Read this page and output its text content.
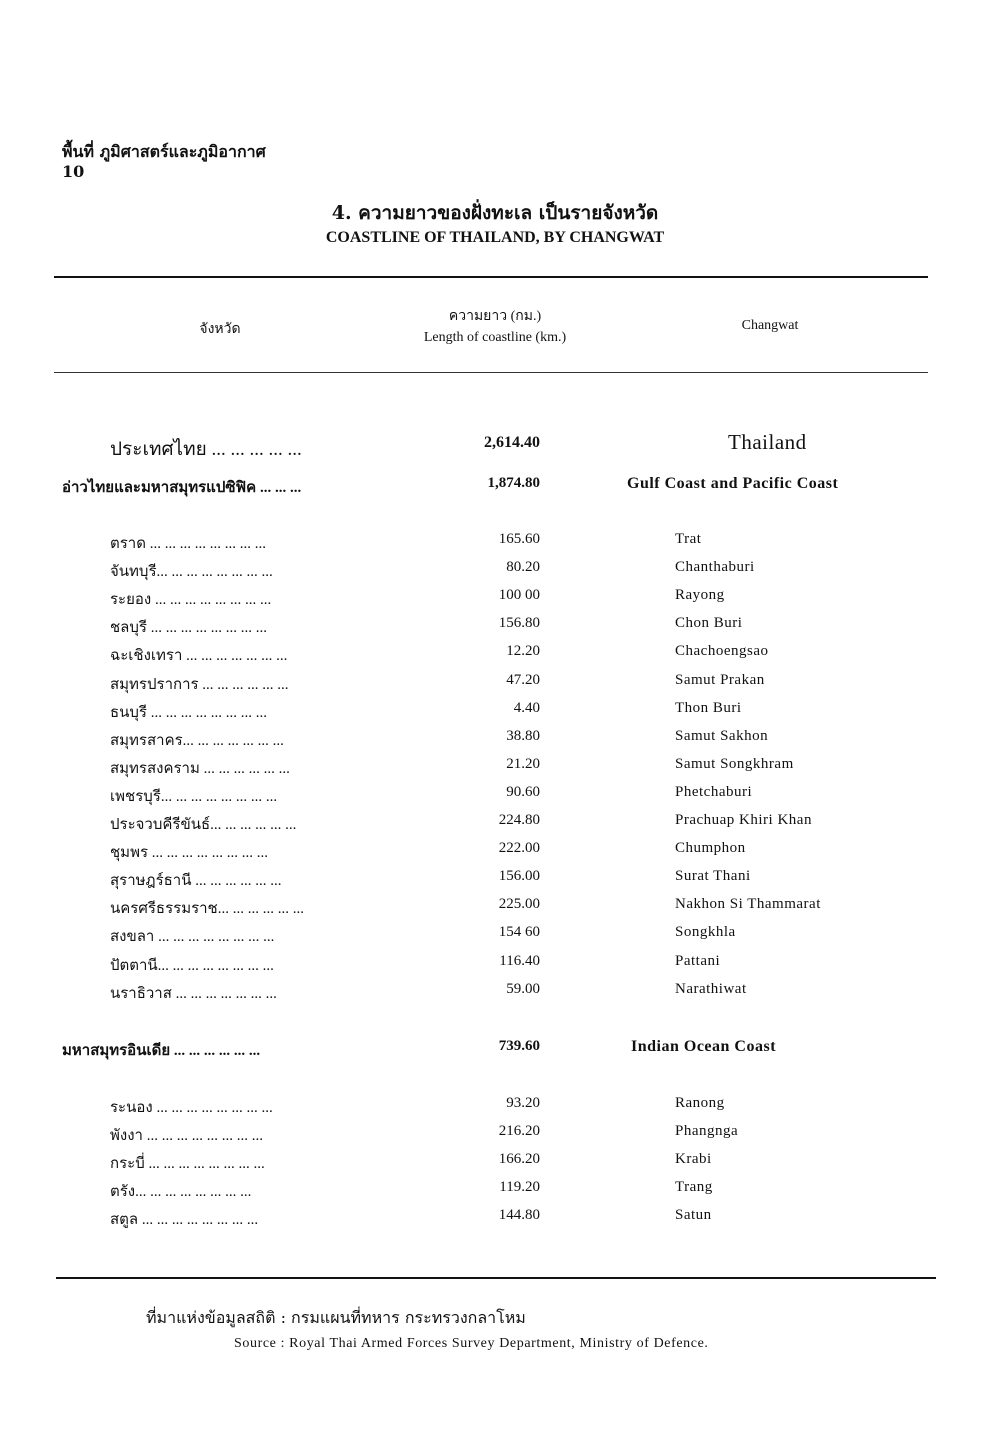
พื้นที่ ภูมิศาสตร์และภูมิอากาศ
10
4. ความยาวของฝั่งทะเล เป็นรายจังหวัด
COASTLINE OF THAILAND, BY CHANGWAT
จังหวัด
ความยาว (กม.)
Length of coastline (km.)
Changwat
ประเทศไทย ... ... ... ... ...	2,614.40	Thailand
อ่าวไทยและมหาสมุทรแปซิฟิค ... ... ...	1,874.80	Gulf Coast and Pacific Coast
ตราด ... ... ... ... ... ... ... ...	165.60	Trat
จันทบุรี... ... ... ... ... ... ... ...	80.20	Chanthaburi
ระยอง ... ... ... ... ... ... ... ...	100 00	Rayong
ชลบุรี ... ... ... ... ... ... ... ...	156.80	Chon Buri
ฉะเชิงเทรา ... ... ... ... ... ... ...	12.20	Chachoengsao
สมุทรปราการ ... ... ... ... ... ...	47.20	Samut Prakan
ธนบุรี ... ... ... ... ... ... ... ...	4.40	Thon Buri
สมุทรสาคร... ... ... ... ... ... ...	38.80	Samut Sakhon
สมุทรสงคราม ... ... ... ... ... ...	21.20	Samut Songkhram
เพชรบุรี... ... ... ... ... ... ... ...	90.60	Phetchaburi
ประจวบคีรีขันธ์... ... ... ... ... ...	224.80	Prachuap Khiri Khan
ชุมพร ... ... ... ... ... ... ... ...	222.00	Chumphon
สุราษฎร์ธานี ... ... ... ... ... ...	156.00	Surat Thani
นครศรีธรรมราช... ... ... ... ... ...	225.00	Nakhon Si Thammarat
สงขลา ... ... ... ... ... ... ... ...	154 60	Songkhla
ปัตตานี... ... ... ... ... ... ... ...	116.40	Pattani
นราธิวาส ... ... ... ... ... ... ...	59.00	Narathiwat
มหาสมุทรอินเดีย ... ... ... ... ... ...	739.60	Indian Ocean Coast
ระนอง ... ... ... ... ... ... ... ...	93.20	Ranong
พังงา ... ... ... ... ... ... ... ...	216.20	Phangnga
กระบี่ ... ... ... ... ... ... ... ...	166.20	Krabi
ตรัง... ... ... ... ... ... ... ...	119.20	Trang
สตูล ... ... ... ... ... ... ... ...	144.80	Satun
ที่มาแห่งข้อมูลสถิติ : กรมแผนที่ทหาร กระทรวงกลาโหม
Source : Royal Thai Armed Forces Survey Department, Ministry of Defence.
